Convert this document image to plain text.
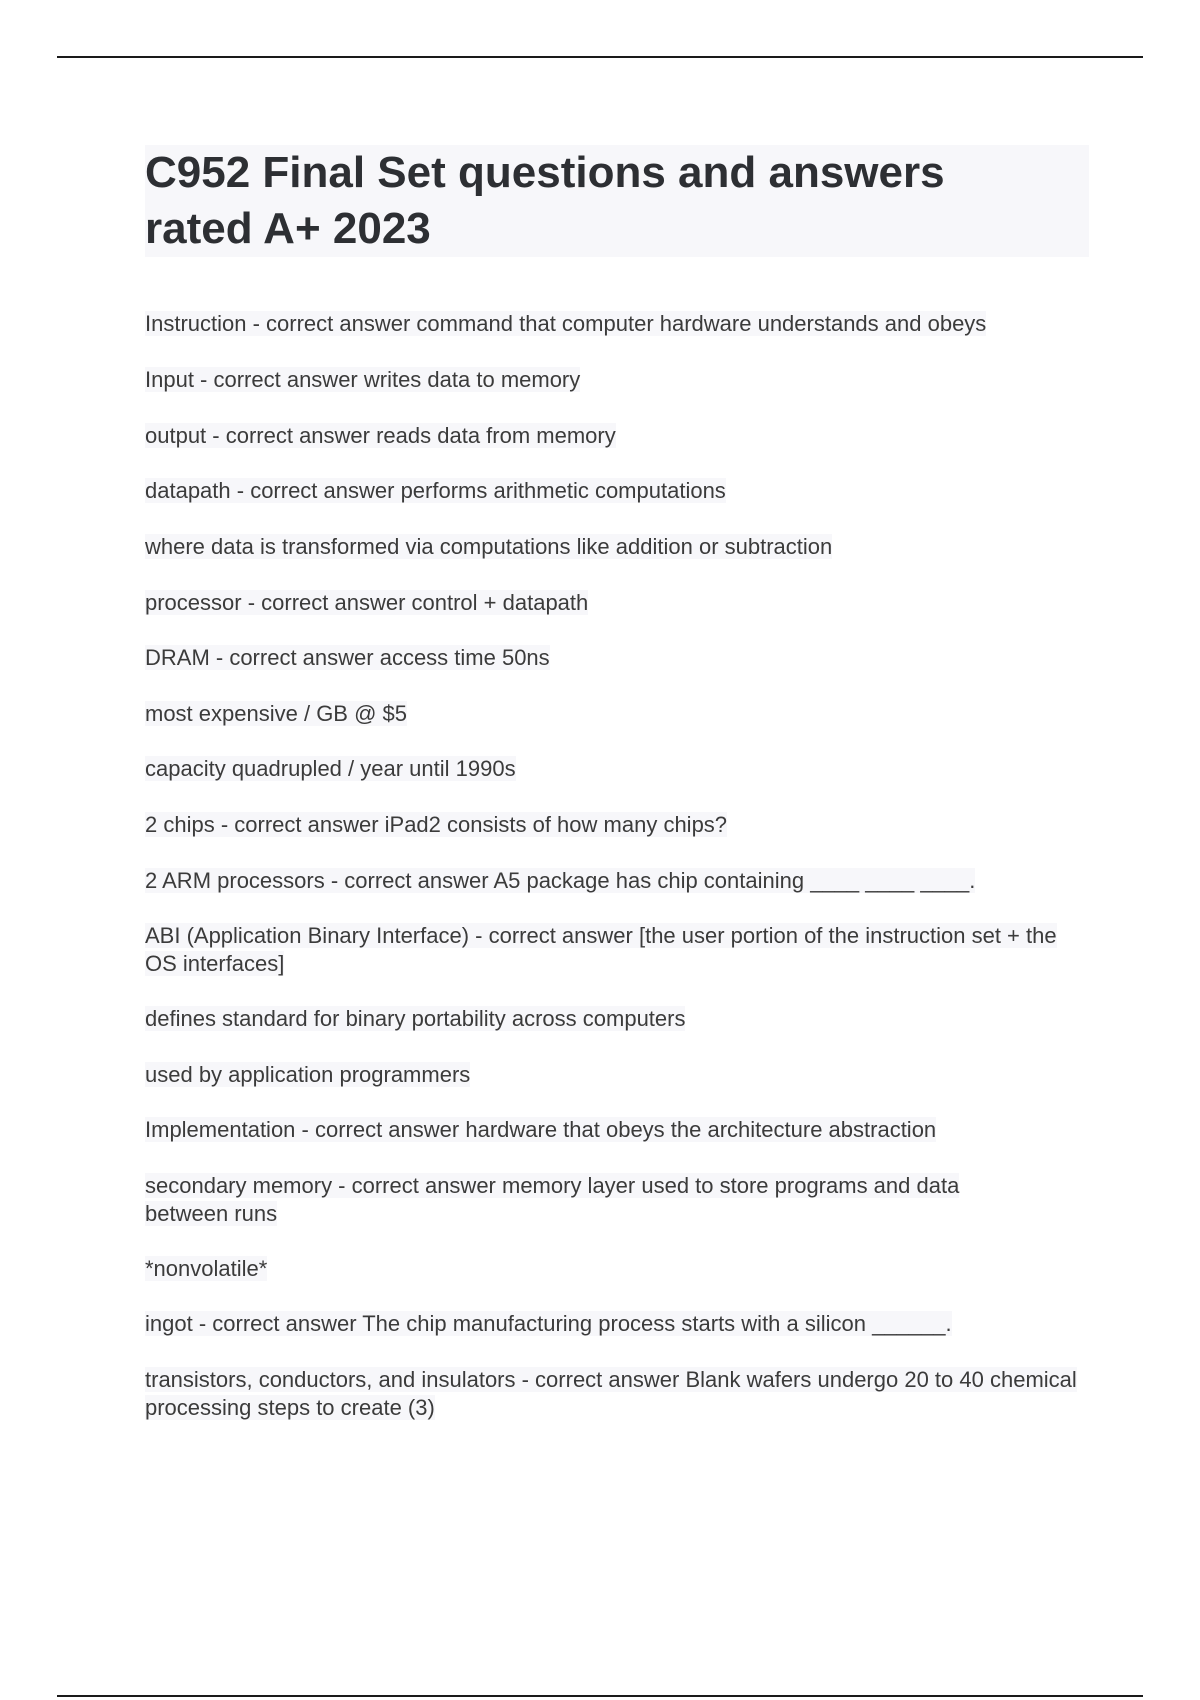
C952 Final Set questions and answers rated A+ 2023

Instruction - correct answer command that computer hardware understands and obeys

Input - correct answer writes data to memory

output - correct answer reads data from memory

datapath - correct answer performs arithmetic computations

where data is transformed via computations like addition or subtraction

processor - correct answer control + datapath

DRAM - correct answer access time 50ns

most expensive / GB @ $5

capacity quadrupled / year until 1990s

2 chips - correct answer iPad2 consists of how many chips?

2 ARM processors - correct answer A5 package has chip containing ____ ____ ____.

ABI (Application Binary Interface) - correct answer [the user portion of the instruction set + the OS interfaces]

defines standard for binary portability across computers

used by application programmers

Implementation - correct answer hardware that obeys the architecture abstraction

secondary memory - correct answer memory layer used to store programs and data between runs

*nonvolatile*

ingot - correct answer The chip manufacturing process starts with a silicon ______.

transistors, conductors, and insulators - correct answer Blank wafers undergo 20 to 40 chemical processing steps to create (3)
